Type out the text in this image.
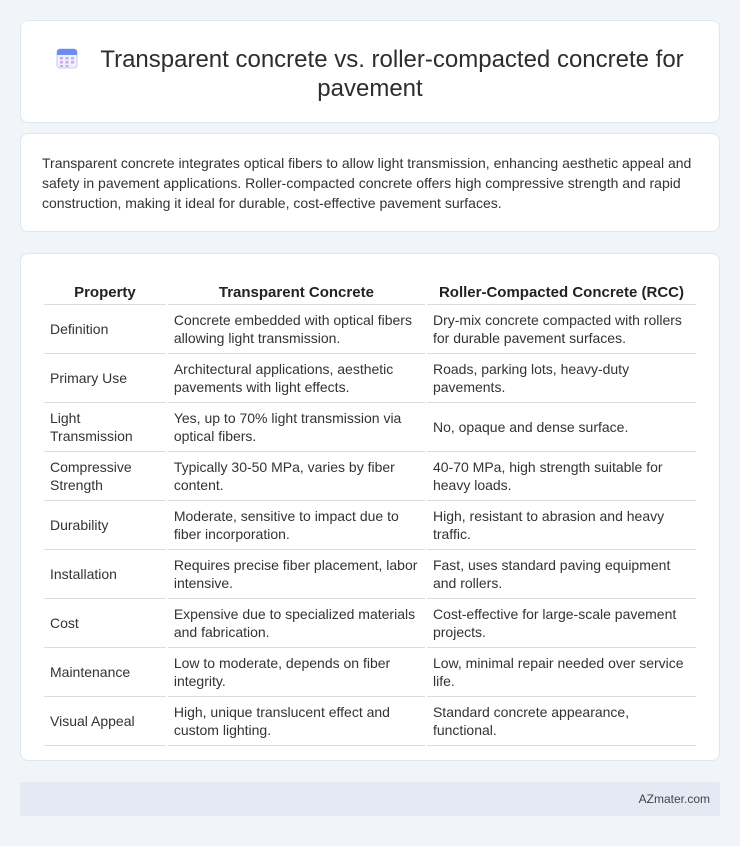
Transparent concrete vs. roller-compacted concrete for pavement

Transparent concrete integrates optical fibers to allow light transmission, enhancing aesthetic appeal and safety in pavement applications. Roller-compacted concrete offers high compressive strength and rapid construction, making it ideal for durable, cost-effective pavement surfaces.

Property	Transparent Concrete	Roller-Compacted Concrete (RCC)
Definition	Concrete embedded with optical fibers allowing light transmission.	Dry-mix concrete compacted with rollers for durable pavement surfaces.
Primary Use	Architectural applications, aesthetic pavements with light effects.	Roads, parking lots, heavy-duty pavements.
Light Transmission	Yes, up to 70% light transmission via optical fibers.	No, opaque and dense surface.
Compressive Strength	Typically 30-50 MPa, varies by fiber content.	40-70 MPa, high strength suitable for heavy loads.
Durability	Moderate, sensitive to impact due to fiber incorporation.	High, resistant to abrasion and heavy traffic.
Installation	Requires precise fiber placement, labor intensive.	Fast, uses standard paving equipment and rollers.
Cost	Expensive due to specialized materials and fabrication.	Cost-effective for large-scale pavement projects.
Maintenance	Low to moderate, depends on fiber integrity.	Low, minimal repair needed over service life.
Visual Appeal	High, unique translucent effect and custom lighting.	Standard concrete appearance, functional.
AZmater.com
